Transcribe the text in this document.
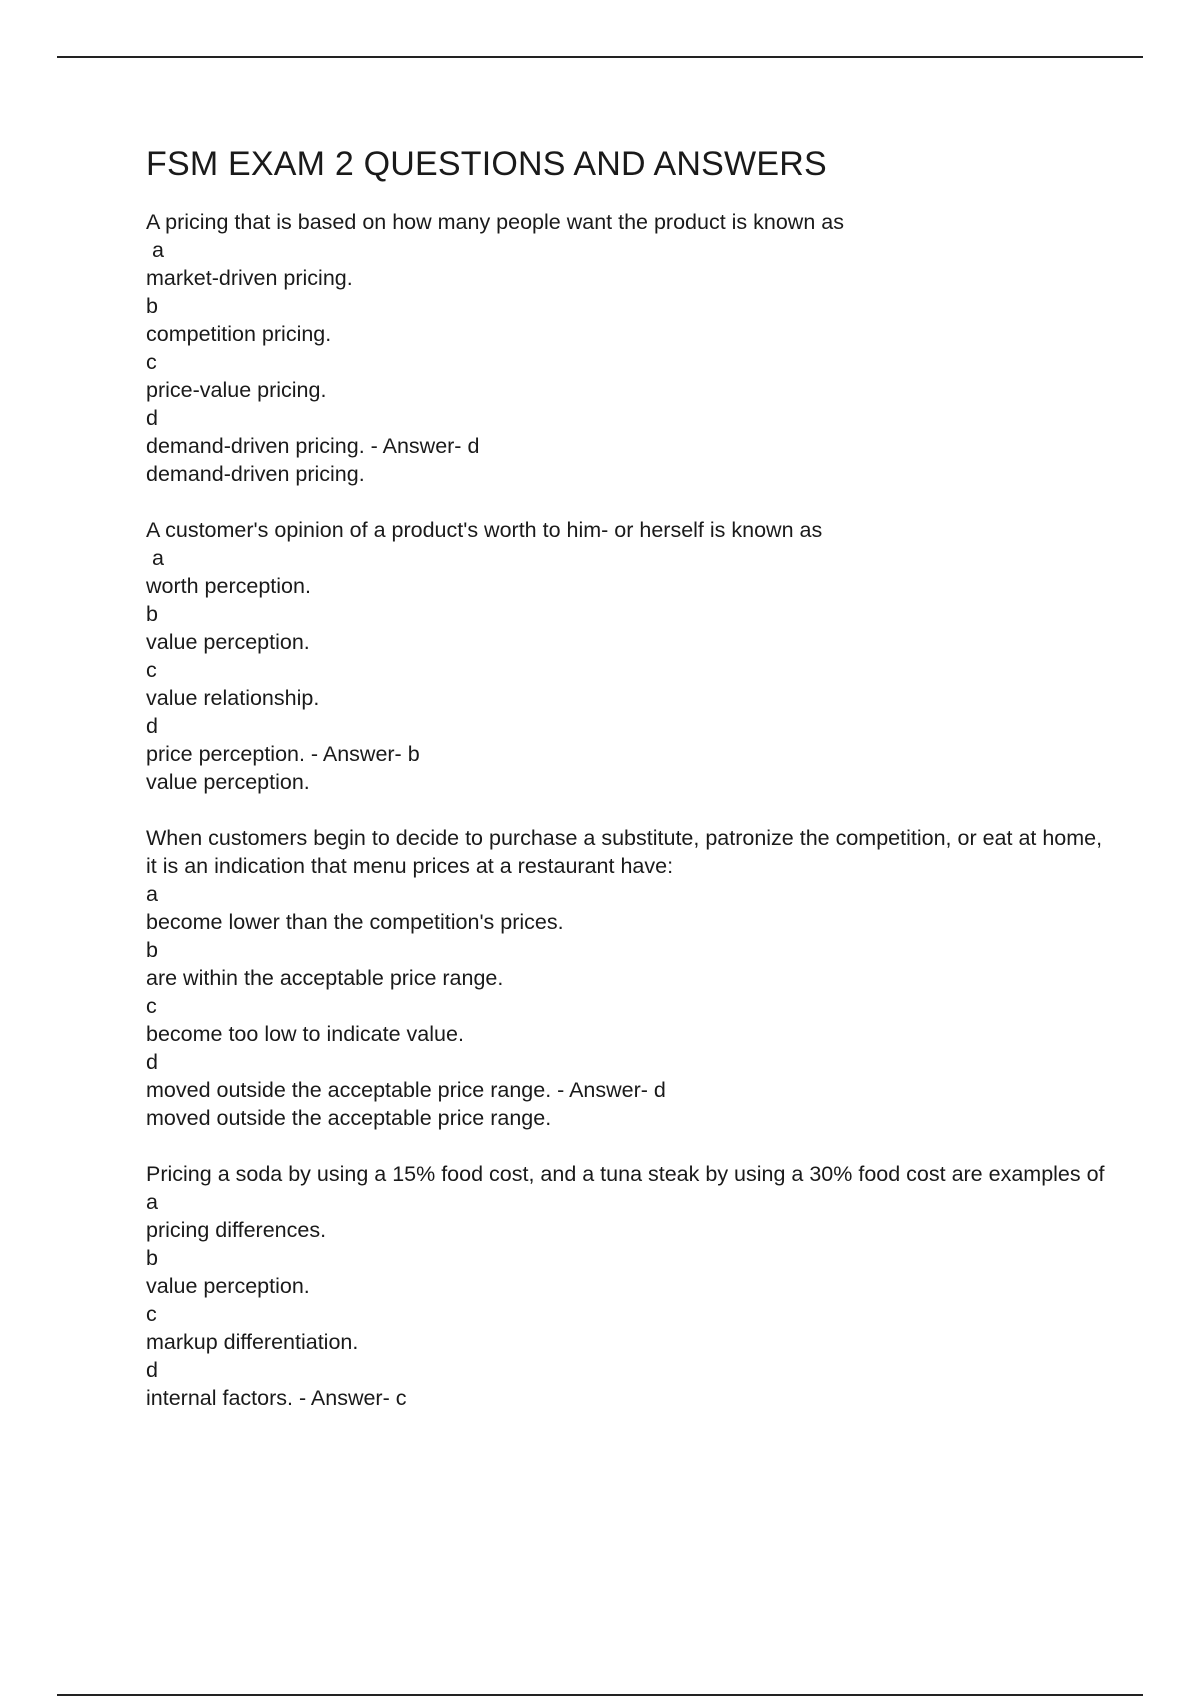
FSM EXAM 2 QUESTIONS AND ANSWERS
A pricing that is based on how many people want the product is known as
a
market-driven pricing.
b
competition pricing.
c
price-value pricing.
d
demand-driven pricing. - Answer- d
demand-driven pricing.
A customer's opinion of a product's worth to him- or herself is known as
a
worth perception.
b
value perception.
c
value relationship.
d
price perception. - Answer- b
value perception.
When customers begin to decide to purchase a substitute, patronize the competition, or eat at home, it is an indication that menu prices at a restaurant have:
a
become lower than the competition's prices.
b
are within the acceptable price range.
c
become too low to indicate value.
d
moved outside the acceptable price range. - Answer- d
moved outside the acceptable price range.
Pricing a soda by using a 15% food cost, and a tuna steak by using a 30% food cost are examples of
a
pricing differences.
b
value perception.
c
markup differentiation.
d
internal factors. - Answer- c
